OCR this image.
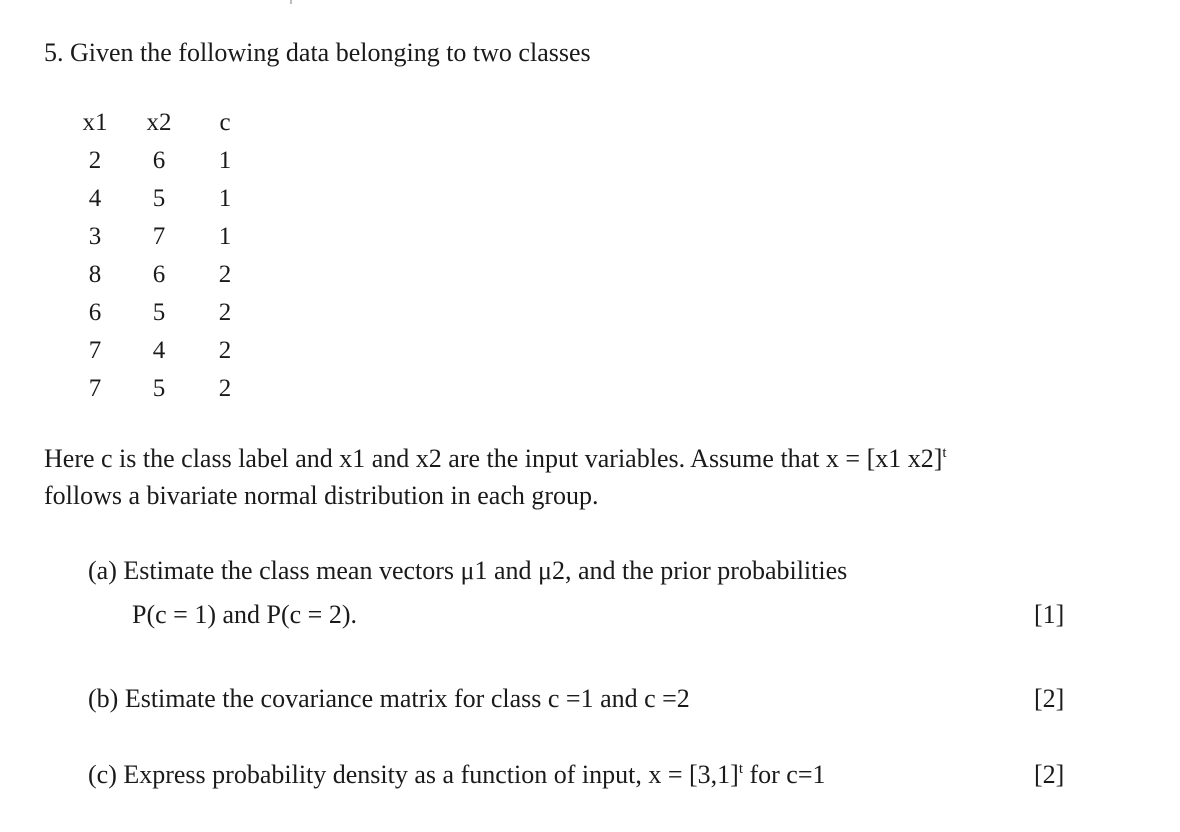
5. Given the following data belonging to two classes
x1	x2	c
2	6	1
4	5	1
3	7	1
8	6	2
6	5	2
7	4	2
7	5	2
Here c is the class label and x1 and x2 are the input variables. Assume that x = [x1 x2]$^t$
follows a bivariate normal distribution in each group.
(a) Estimate the class mean vectors μ1 and μ2, and the prior probabilities
P(c = 1) and P(c = 2).	[1]
(b) Estimate the covariance matrix for class c =1 and c =2	[2]
(c) Express probability density as a function of input, $x = [3,1]^t$ for c=1	[2]
